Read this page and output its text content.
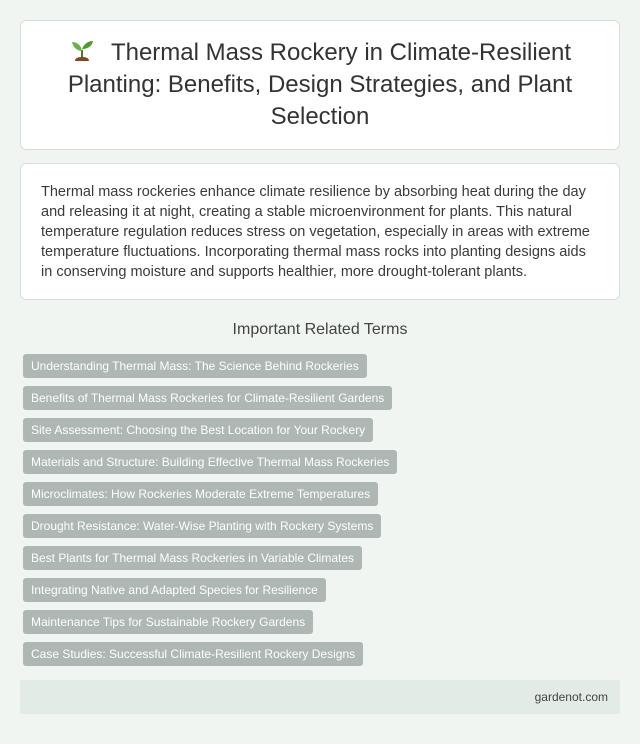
Thermal Mass Rockery in Climate-Resilient Planting: Benefits, Design Strategies, and Plant Selection

Thermal mass rockeries enhance climate resilience by absorbing heat during the day and releasing it at night, creating a stable microenvironment for plants. This natural temperature regulation reduces stress on vegetation, especially in areas with extreme temperature fluctuations. Incorporating thermal mass rocks into planting designs aids in conserving moisture and supports healthier, more drought-tolerant plants.

Important Related Terms
Understanding Thermal Mass: The Science Behind Rockeries
Benefits of Thermal Mass Rockeries for Climate-Resilient Gardens
Site Assessment: Choosing the Best Location for Your Rockery
Materials and Structure: Building Effective Thermal Mass Rockeries
Microclimates: How Rockeries Moderate Extreme Temperatures
Drought Resistance: Water-Wise Planting with Rockery Systems
Best Plants for Thermal Mass Rockeries in Variable Climates
Integrating Native and Adapted Species for Resilience
Maintenance Tips for Sustainable Rockery Gardens
Case Studies: Successful Climate-Resilient Rockery Designs
gardenot.com
